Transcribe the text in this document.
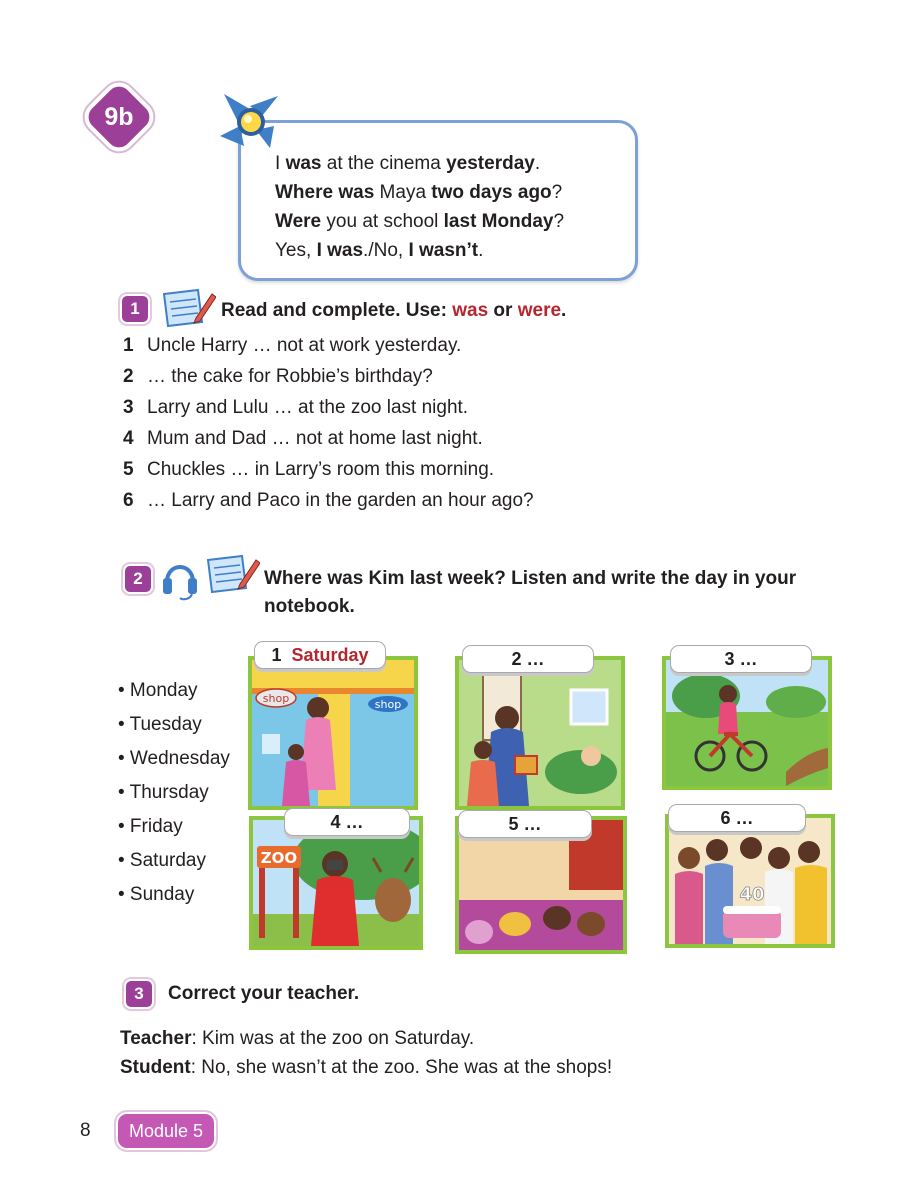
9b
I was at the cinema yesterday.
Where was Maya two days ago?
Were you at school last Monday?
Yes, I was./No, I wasn’t.
1	Read and complete. Use: was or were.
1 Uncle Harry … not at work yesterday.
2 … the cake for Robbie’s birthday?
3 Larry and Lulu … at the zoo last night.
4 Mum and Dad … not at home last night.
5 Chuckles … in Larry’s room this morning.
6 … Larry and Paco in the garden an hour ago?
2	Where was Kim last week? Listen and write the day in your
notebook.
• Monday
• Tuesday
• Wednesday
• Thursday
• Friday
• Saturday
• Sunday
shop	shop
1 Saturday	2 …	3 …
ZOO
4 …	5 …
40
6 …
3	Correct your teacher.
Teacher: Kim was at the zoo on Saturday.
Student: No, she wasn’t at the zoo. She was at the shops!
8	Module 5
